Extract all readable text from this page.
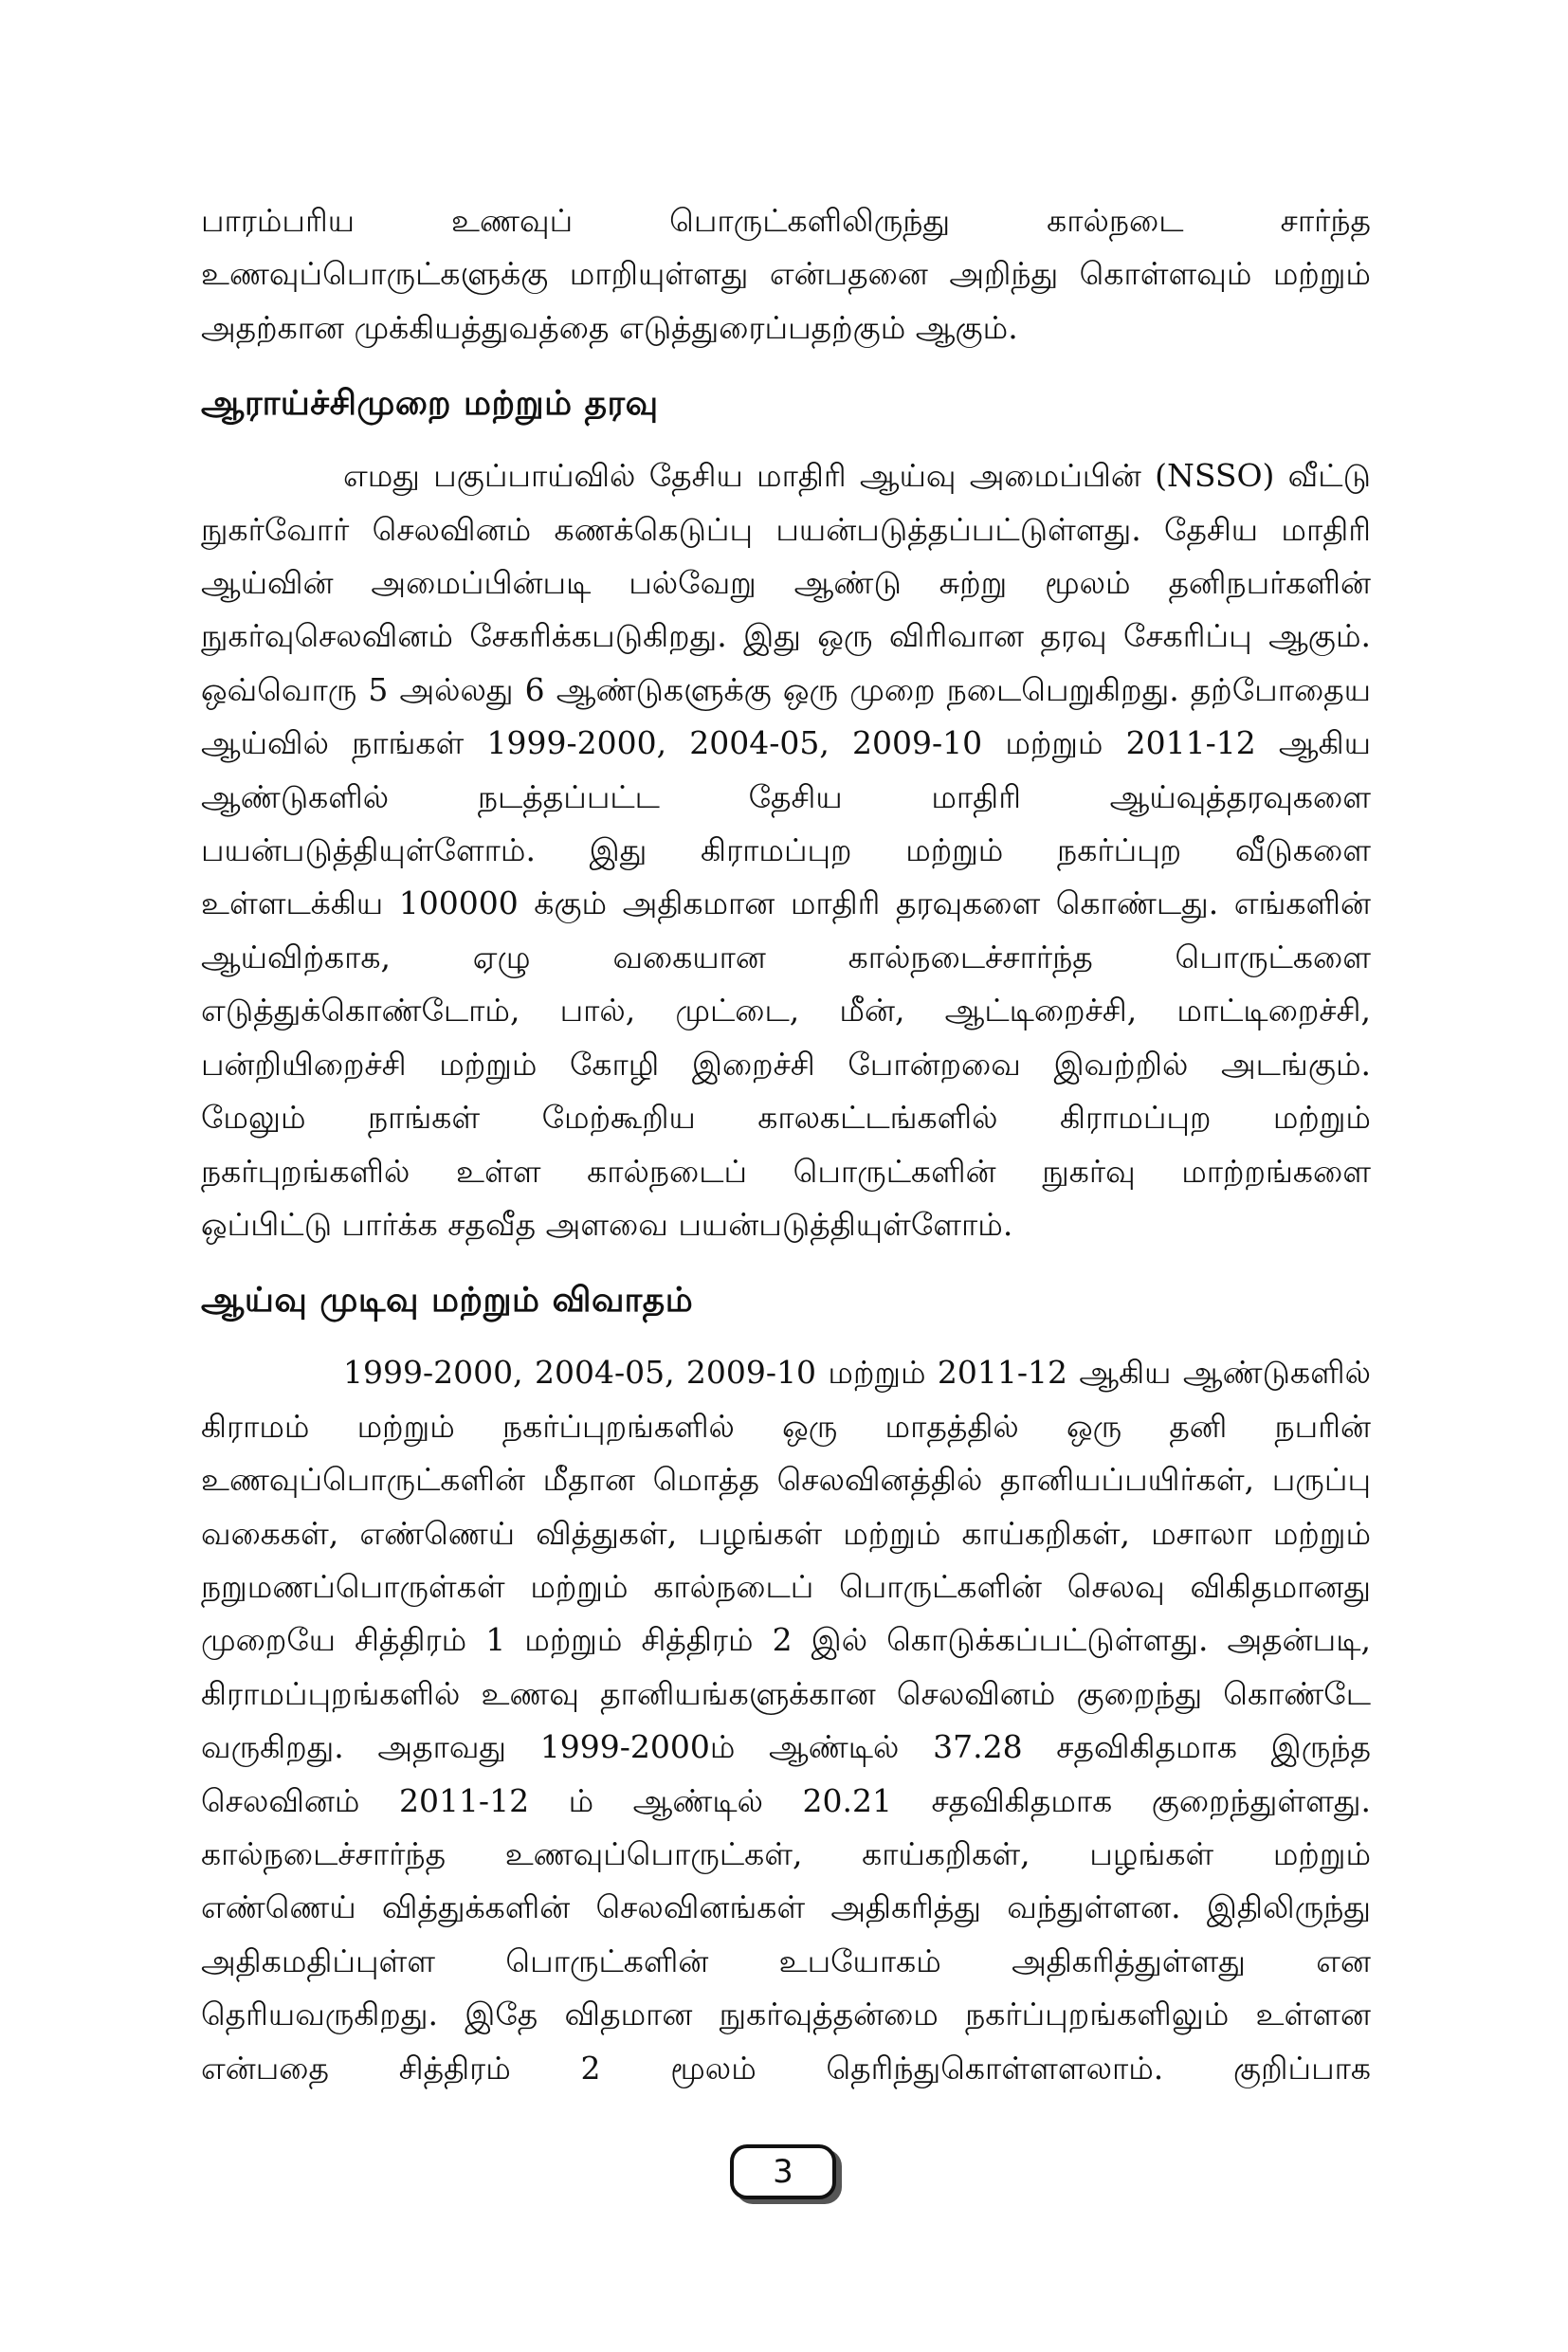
பாரம்பரிய உணவுப் பொருட்களிலிருந்து கால்நடை சார்ந்த
உணவுப்பொருட்களுக்கு மாறியுள்ளது என்பதனை அறிந்து கொள்ளவும் மற்றும்
அதற்கான முக்கியத்துவத்தை எடுத்துரைப்பதற்கும் ஆகும்.
ஆராய்ச்சிமுறை மற்றும் தரவு
எமது பகுப்பாய்வில் தேசிய மாதிரி ஆய்வு அமைப்பின் (NSSO) வீட்டு
நுகர்வோர் செலவினம் கணக்கெடுப்பு பயன்படுத்தப்பட்டுள்ளது. தேசிய மாதிரி
ஆய்வின் அமைப்பின்படி பல்வேறு ஆண்டு சுற்று மூலம் தனிநபர்களின்
நுகர்வுசெலவினம் சேகரிக்கபடுகிறது. இது ஒரு விரிவான தரவு சேகரிப்பு ஆகும்.
ஒவ்வொரு 5 அல்லது 6 ஆண்டுகளுக்கு ஒரு முறை நடைபெறுகிறது. தற்போதைய
ஆய்வில் நாங்கள் 1999-2000, 2004-05, 2009-10 மற்றும் 2011-12 ஆகிய
ஆண்டுகளில் நடத்தப்பட்ட தேசிய மாதிரி ஆய்வுத்தரவுகளை
பயன்படுத்தியுள்ளோம். இது கிராமப்புற மற்றும் நகர்ப்புற வீடுகளை
உள்ளடக்கிய 100000 க்கும் அதிகமான மாதிரி தரவுகளை கொண்டது. எங்களின்
ஆய்விற்காக, ஏழு வகையான கால்நடைச்சார்ந்த பொருட்களை
எடுத்துக்கொண்டோம், பால், முட்டை, மீன், ஆட்டிறைச்சி, மாட்டிறைச்சி,
பன்றியிறைச்சி மற்றும் கோழி இறைச்சி போன்றவை இவற்றில் அடங்கும்.
மேலும் நாங்கள் மேற்கூறிய காலகட்டங்களில் கிராமப்புற மற்றும்
நகர்புறங்களில் உள்ள கால்நடைப் பொருட்களின் நுகர்வு மாற்றங்களை
ஒப்பிட்டு பார்க்க சதவீத அளவை பயன்படுத்தியுள்ளோம்.
ஆய்வு முடிவு மற்றும் விவாதம்
1999-2000, 2004-05, 2009-10 மற்றும் 2011-12 ஆகிய ஆண்டுகளில்
கிராமம் மற்றும் நகர்ப்புறங்களில் ஒரு மாதத்தில் ஒரு தனி நபரின்
உணவுப்பொருட்களின் மீதான மொத்த செலவினத்தில் தானியப்பயிர்கள், பருப்பு
வகைகள், எண்ணெய் வித்துகள், பழங்கள் மற்றும் காய்கறிகள், மசாலா மற்றும்
நறுமணப்பொருள்கள் மற்றும் கால்நடைப் பொருட்களின் செலவு விகிதமானது
முறையே சித்திரம் 1 மற்றும் சித்திரம் 2 இல் கொடுக்கப்பட்டுள்ளது. அதன்படி,
கிராமப்புறங்களில் உணவு தானியங்களுக்கான செலவினம் குறைந்து கொண்டே
வருகிறது. அதாவது 1999-2000ம் ஆண்டில் 37.28 சதவிகிதமாக இருந்த
செலவினம் 2011-12 ம் ஆண்டில் 20.21 சதவிகிதமாக குறைந்துள்ளது.
கால்நடைச்சார்ந்த உணவுப்பொருட்கள், காய்கறிகள், பழங்கள் மற்றும்
எண்ணெய் வித்துக்களின் செலவினங்கள் அதிகரித்து வந்துள்ளன. இதிலிருந்து
அதிகமதிப்புள்ள பொருட்களின் உபயோகம் அதிகரித்துள்ளது என
தெரியவருகிறது. இதே விதமான நுகர்வுத்தன்மை நகர்ப்புறங்களிலும் உள்ளன
என்பதை சித்திரம் 2 மூலம் தெரிந்துகொள்ளளலாம். குறிப்பாக
3
